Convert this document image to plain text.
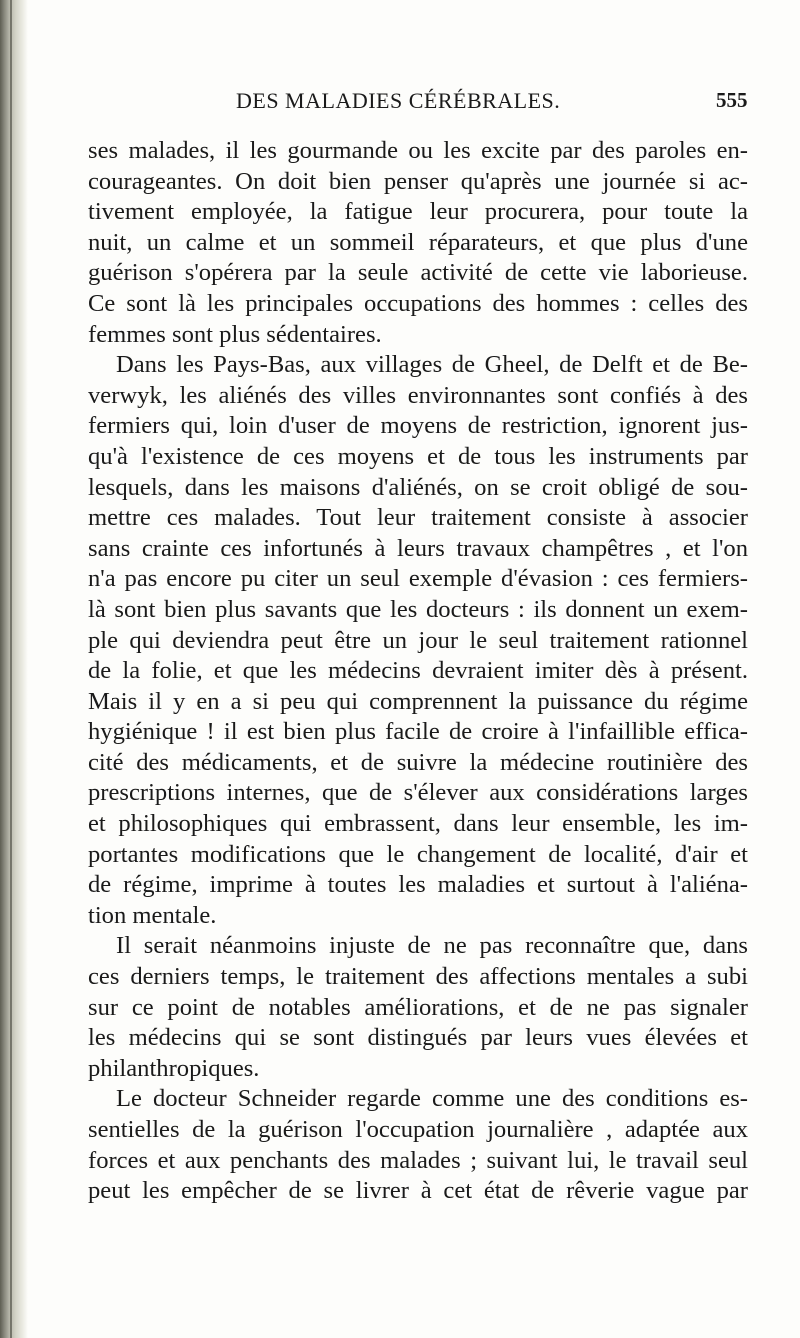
DES MALADIES CÉRÉBRALES.	555
ses malades, il les gourmande ou les excite par des paroles en-
courageantes. On doit bien penser qu'après une journée si ac-
tivement employée, la fatigue leur procurera, pour toute la
nuit, un calme et un sommeil réparateurs, et que plus d'une
guérison s'opérera par la seule activité de cette vie laborieuse.
Ce sont là les principales occupations des hommes : celles des
femmes sont plus sédentaires.
Dans les Pays-Bas, aux villages de Gheel, de Delft et de Be-
verwyk, les aliénés des villes environnantes sont confiés à des
fermiers qui, loin d'user de moyens de restriction, ignorent jus-
qu'à l'existence de ces moyens et de tous les instruments par
lesquels, dans les maisons d'aliénés, on se croit obligé de sou-
mettre ces malades. Tout leur traitement consiste à associer
sans crainte ces infortunés à leurs travaux champêtres , et l'on
n'a pas encore pu citer un seul exemple d'évasion : ces fermiers-
là sont bien plus savants que les docteurs : ils donnent un exem-
ple qui deviendra peut être un jour le seul traitement rationnel
de la folie, et que les médecins devraient imiter dès à présent.
Mais il y en a si peu qui comprennent la puissance du régime
hygiénique ! il est bien plus facile de croire à l'infaillible effica-
cité des médicaments, et de suivre la médecine routinière des
prescriptions internes, que de s'élever aux considérations larges
et philosophiques qui embrassent, dans leur ensemble, les im-
portantes modifications que le changement de localité, d'air et
de régime, imprime à toutes les maladies et surtout à l'aliéna-
tion mentale.
Il serait néanmoins injuste de ne pas reconnaître que, dans
ces derniers temps, le traitement des affections mentales a subi
sur ce point de notables améliorations, et de ne pas signaler
les médecins qui se sont distingués par leurs vues élevées et
philanthropiques.
Le docteur Schneider regarde comme une des conditions es-
sentielles de la guérison l'occupation journalière , adaptée aux
forces et aux penchants des malades ; suivant lui, le travail seul
peut les empêcher de se livrer à cet état de rêverie vague par
